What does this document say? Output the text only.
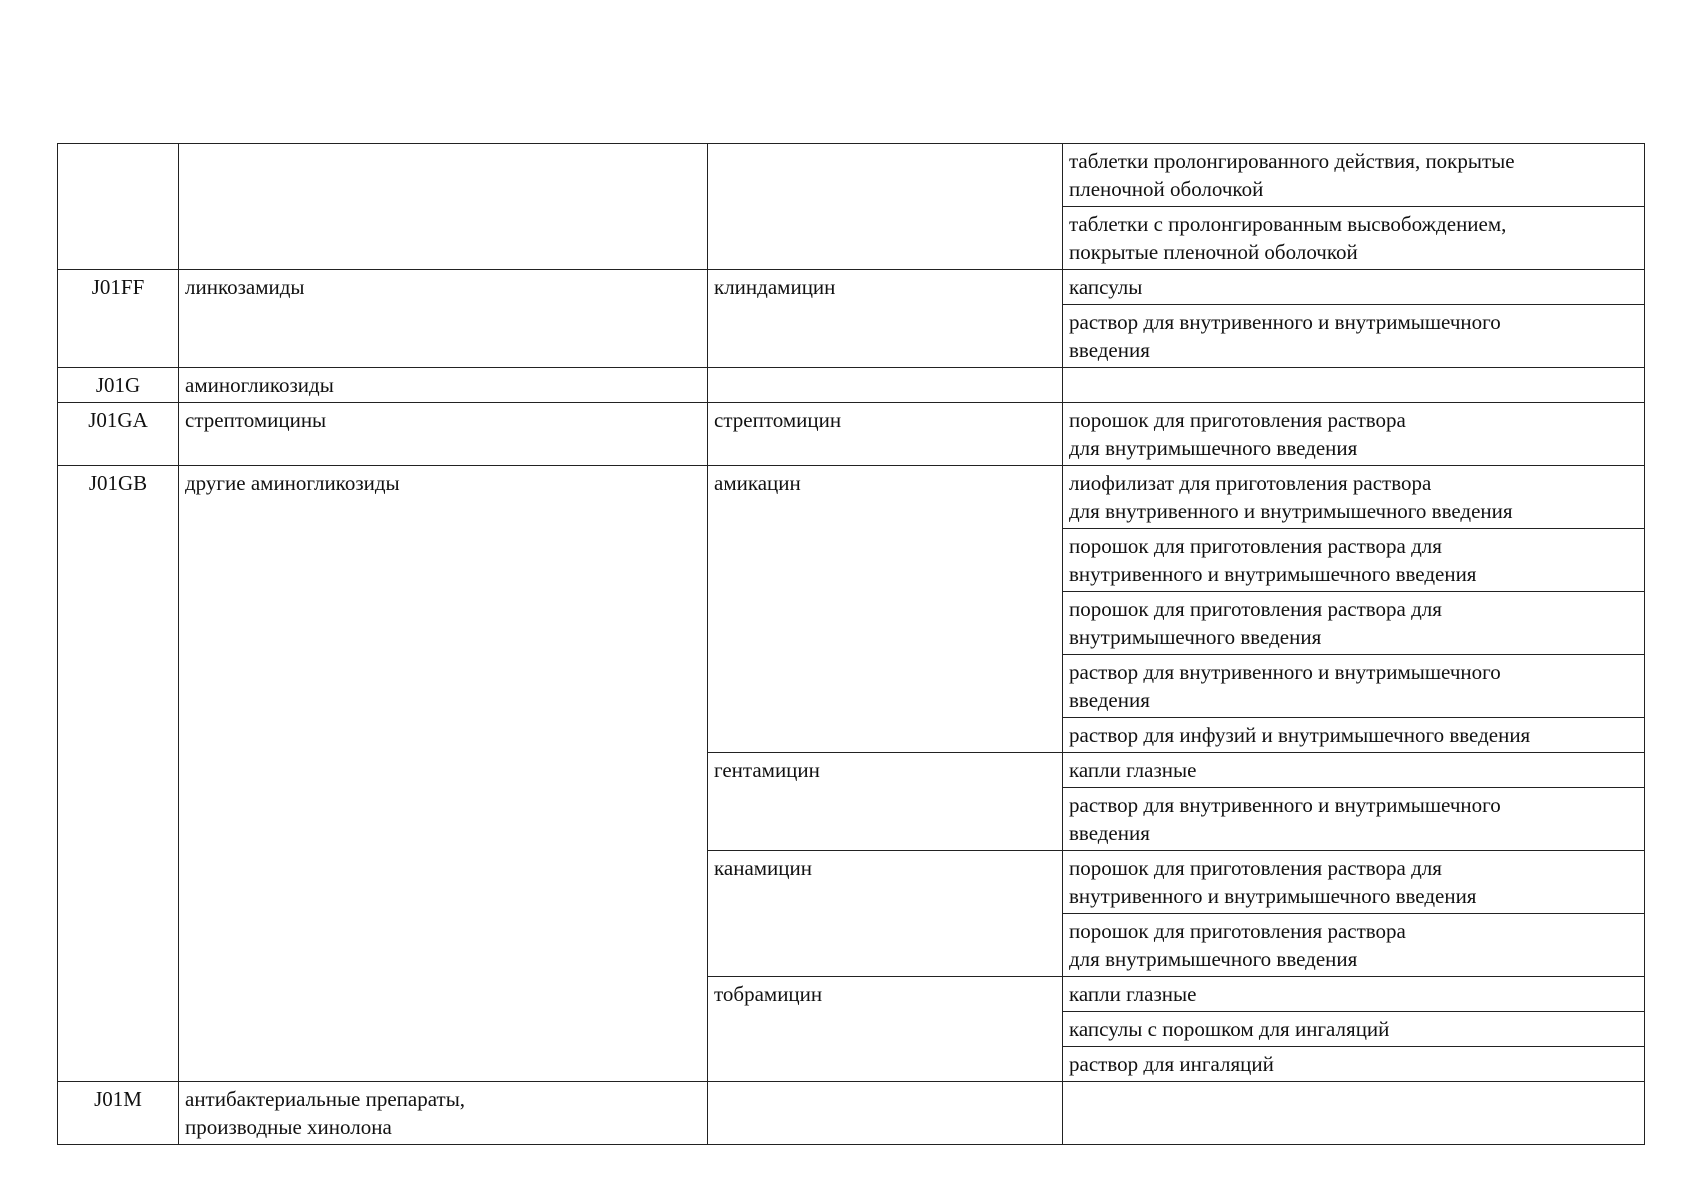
			таблетки пролонгированного действия, покрытые
пленочной оболочкой
			таблетки с пролонгированным высвобождением,
покрытые пленочной оболочкой
J01FF	линкозамиды	клиндамицин	капсулы
			раствор для внутривенного и внутримышечного
введения
J01G	аминогликозиды		
J01GA	стрептомицины	стрептомицин	порошок для приготовления раствора
для внутримышечного введения
J01GB	другие аминогликозиды	амикацин	лиофилизат для приготовления раствора
для внутривенного и внутримышечного введения
			порошок для приготовления раствора для
внутривенного и внутримышечного введения
			порошок для приготовления раствора для
внутримышечного введения
			раствор для внутривенного и внутримышечного
введения
			раствор для инфузий и внутримышечного введения
		гентамицин	капли глазные
			раствор для внутривенного и внутримышечного
введения
		канамицин	порошок для приготовления раствора для
внутривенного и внутримышечного введения
			порошок для приготовления раствора
для внутримышечного введения
		тобрамицин	капли глазные
			капсулы с порошком для ингаляций
			раствор для ингаляций
J01M	антибактериальные препараты,
производные хинолона		
